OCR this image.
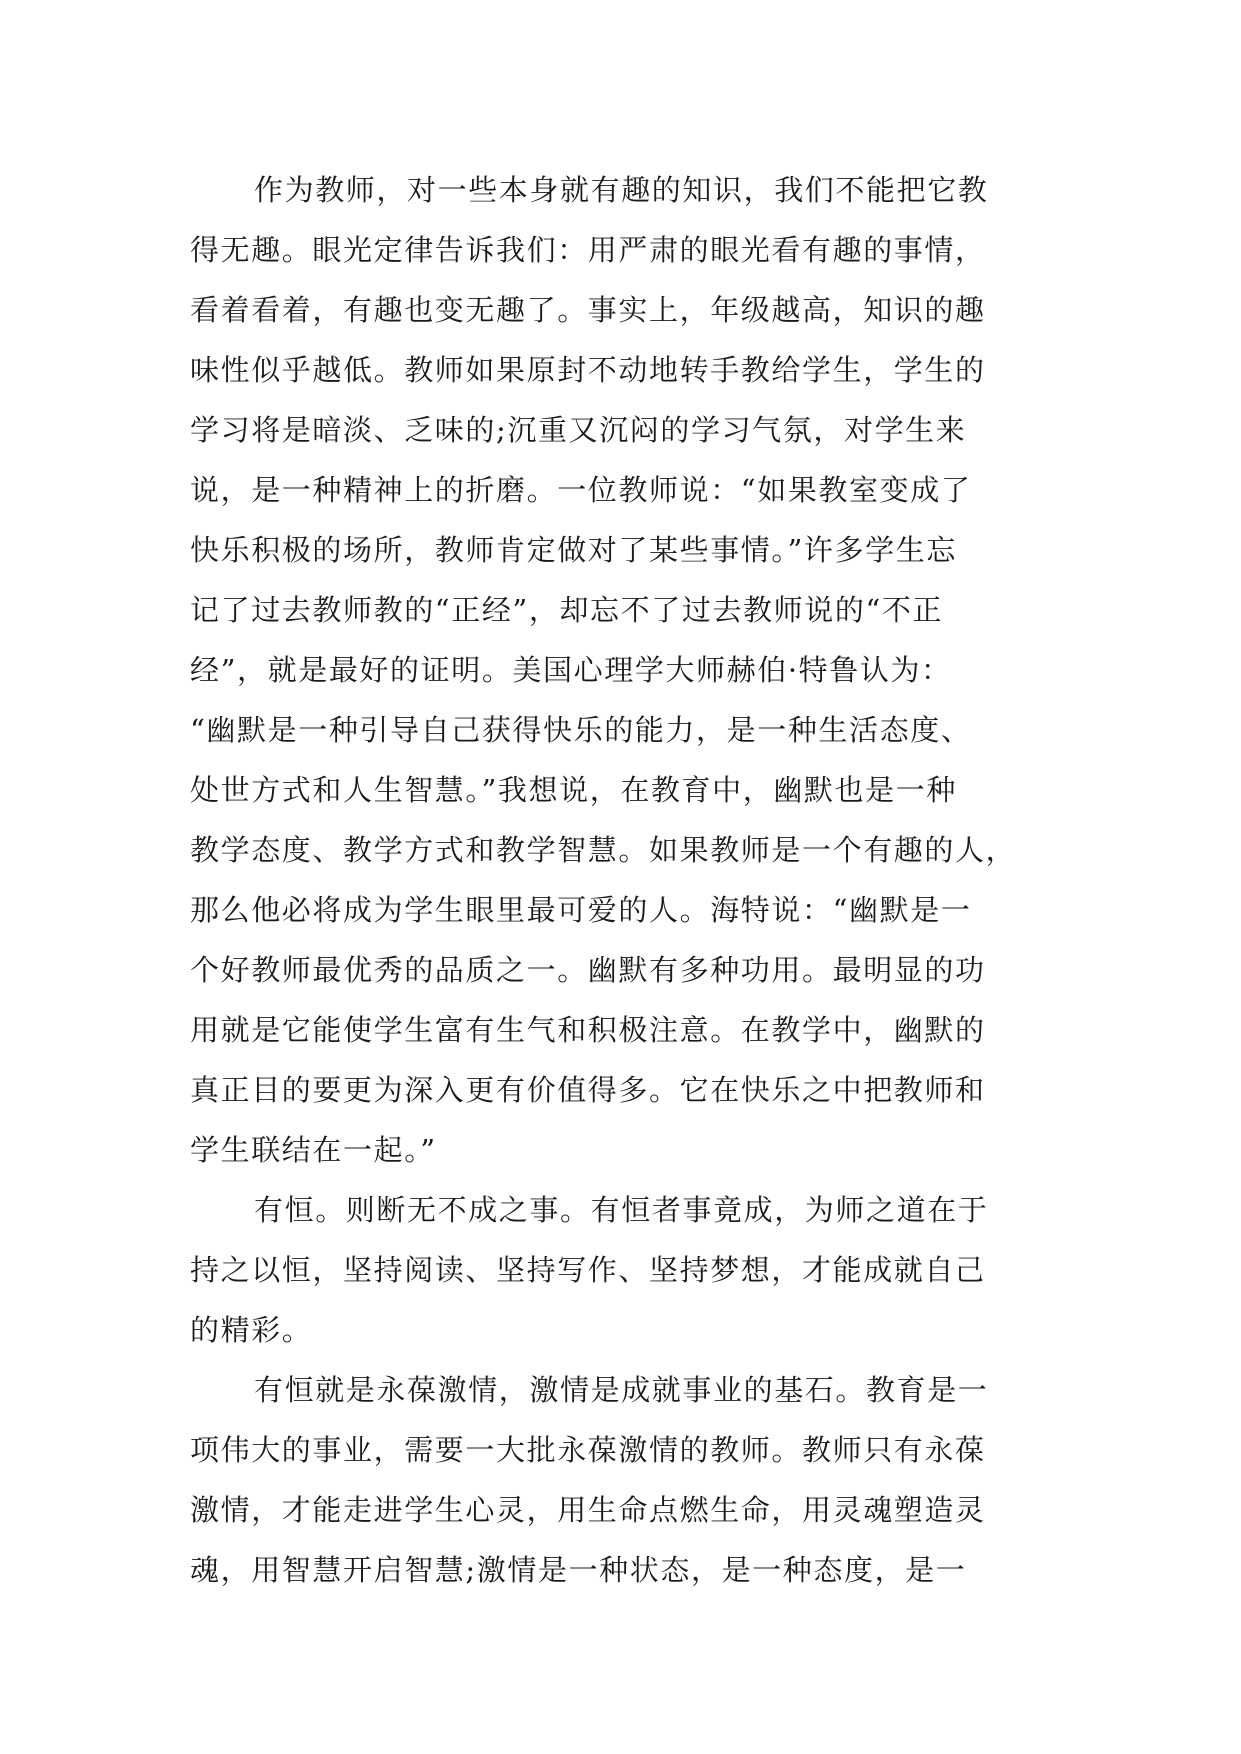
作为教师，对一些本身就有趣的知识，我们不能把它教
得无趣。眼光定律告诉我们：用严肃的眼光看有趣的事情，
看着看着，有趣也变无趣了。事实上，年级越高，知识的趣
味性似乎越低。教师如果原封不动地转手教给学生，学生的
学习将是暗淡、乏味的;沉重又沉闷的学习气氛，对学生来
说，是一种精神上的折磨。一位教师说：“如果教室变成了
快乐积极的场所，教师肯定做对了某些事情。”许多学生忘
记了过去教师教的“正经”，却忘不了过去教师说的“不正
经”，就是最好的证明。美国心理学大师赫伯·特鲁认为：
“幽默是一种引导自己获得快乐的能力，是一种生活态度、
处世方式和人生智慧。”我想说，在教育中，幽默也是一种
教学态度、教学方式和教学智慧。如果教师是一个有趣的人，
那么他必将成为学生眼里最可爱的人。海特说：“幽默是一
个好教师最优秀的品质之一。幽默有多种功用。最明显的功
用就是它能使学生富有生气和积极注意。在教学中，幽默的
真正目的要更为深入更有价值得多。它在快乐之中把教师和
学生联结在一起。”
有恒。则断无不成之事。有恒者事竟成，为师之道在于
持之以恒，坚持阅读、坚持写作、坚持梦想，才能成就自己
的精彩。
有恒就是永葆激情，激情是成就事业的基石。教育是一
项伟大的事业，需要一大批永葆激情的教师。教师只有永葆
激情，才能走进学生心灵，用生命点燃生命，用灵魂塑造灵
魂，用智慧开启智慧;激情是一种状态，是一种态度，是一
